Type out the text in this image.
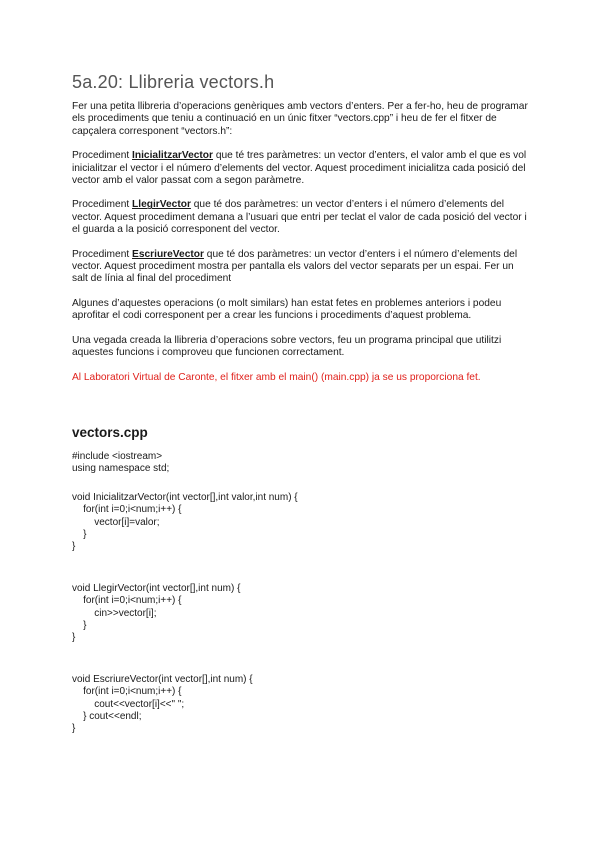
5a.20: Llibreria vectors.h

Fer una petita llibreria d’operacions genèriques amb vectors d’enters. Per a fer-ho, heu de programar els procediments que teniu a continuació en un únic fitxer “vectors.cpp” i heu de fer el fitxer de capçalera corresponent “vectors.h”:

Procediment InicialitzarVector que té tres paràmetres: un vector d’enters, el valor amb el que es vol inicialitzar el vector i el número d’elements del vector. Aquest procediment inicialitza cada posició del vector amb el valor passat com a segon paràmetre.

Procediment LlegirVector que té dos paràmetres: un vector d’enters i el número d’elements del vector. Aquest procediment demana a l’usuari que entri per teclat el valor de cada posició del vector i el guarda a la posició corresponent del vector.

Procediment EscriureVector que té dos paràmetres: un vector d’enters i el número d’elements del vector. Aquest procediment mostra per pantalla els valors del vector separats per un espai. Fer un salt de línia al final del procediment

Algunes d’aquestes operacions (o molt similars) han estat fetes en problemes anteriors i podeu aprofitar el codi corresponent per a crear les funcions i procediments d’aquest problema.

Una vegada creada la llibreria d’operacions sobre vectors, feu un programa principal que utilitzi aquestes funcions i comproveu que funcionen correctament.

Al Laboratori Virtual de Caronte, el fitxer amb el main() (main.cpp) ja se us proporciona fet.

vectors.cpp
#include <iostream>
using namespace std;
void InicialitzarVector(int vector[],int valor,int num) {
for(int i=0;i<num;i++) {
vector[i]=valor;
}
}
void LlegirVector(int vector[],int num) {
for(int i=0;i<num;i++) {
cin>>vector[i];
}
}
void EscriureVector(int vector[],int num) {
for(int i=0;i<num;i++) {
cout<<vector[i]<<" ";
} cout<<endl;
}
